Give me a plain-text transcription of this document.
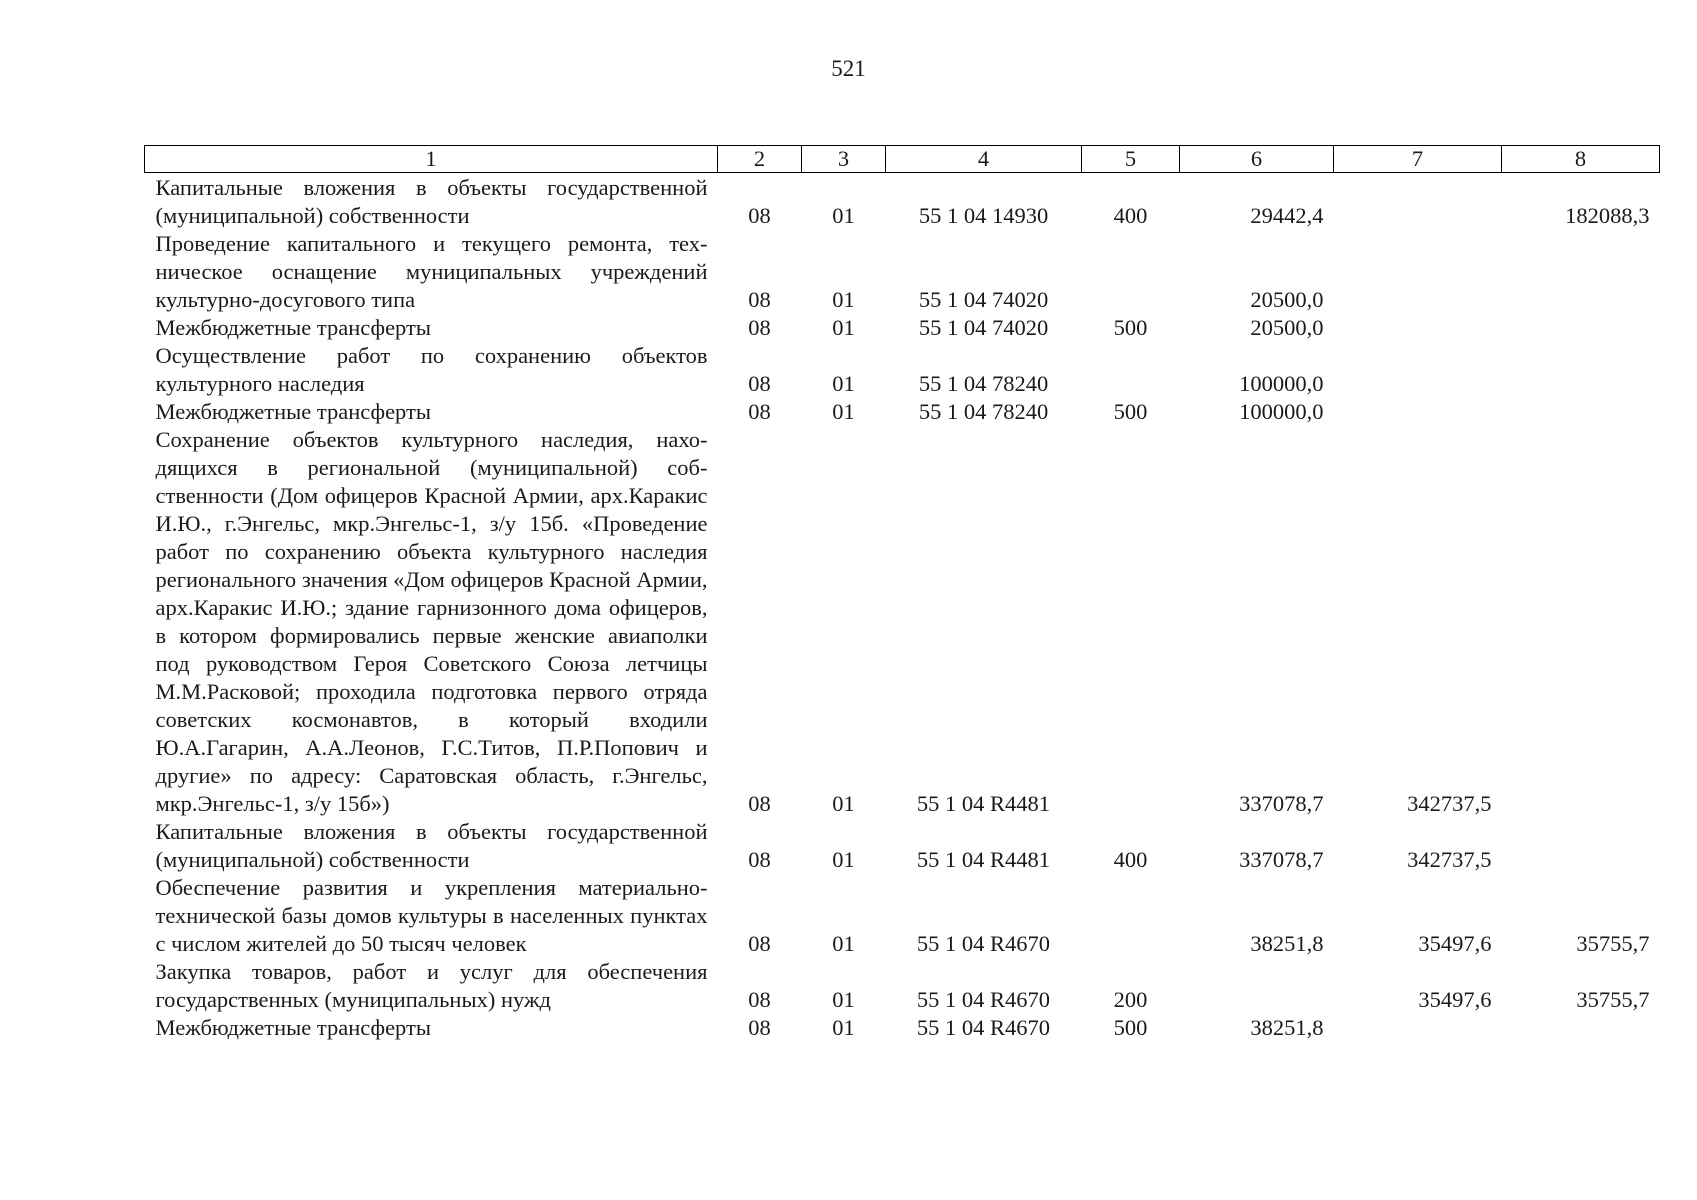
521
1	2	3	4	5	6	7	8
Капитальные вложения в объекты государственной (муниципальной) собственности	08	01	55 1 04 14930	400	29442,4		182088,3
Проведение капитального и текущего ремонта, техническое оснащение муниципальных учреждений культурно-досугового типа	08	01	55 1 04 74020		20500,0		
Межбюджетные трансферты	08	01	55 1 04 74020	500	20500,0		
Осуществление работ по сохранению объектов культурного наследия	08	01	55 1 04 78240		100000,0		
Межбюджетные трансферты	08	01	55 1 04 78240	500	100000,0		
Сохранение объектов культурного наследия, находящихся в региональной (муниципальной) собственности (Дом офицеров Красной Армии, арх.Каракис И.Ю., г.Энгельс, мкр.Энгельс-1, з/у 15б. «Проведение работ по сохранению объекта культурного наследия регионального значения «Дом офицеров Красной Армии, арх.Каракис И.Ю.; здание гарнизонного дома офицеров, в котором формировались первые женские авиаполки под руководством Героя Советского Союза летчицы М.М.Расковой; проходила подготовка первого отряда советских космонавтов, в который входили Ю.А.Гагарин, А.А.Леонов, Г.С.Титов, П.Р.Попович и другие» по адресу: Саратовская область, г.Энгельс, мкр.Энгельс-1, з/у 15б»)	08	01	55 1 04 R4481		337078,7	342737,5	
Капитальные вложения в объекты государственной (муниципальной) собственности	08	01	55 1 04 R4481	400	337078,7	342737,5	
Обеспечение развития и укрепления материально-технической базы домов культуры в населенных пунктах с числом жителей до 50 тысяч человек	08	01	55 1 04 R4670		38251,8	35497,6	35755,7
Закупка товаров, работ и услуг для обеспечения государственных (муниципальных) нужд	08	01	55 1 04 R4670	200		35497,6	35755,7
Межбюджетные трансферты	08	01	55 1 04 R4670	500	38251,8		
